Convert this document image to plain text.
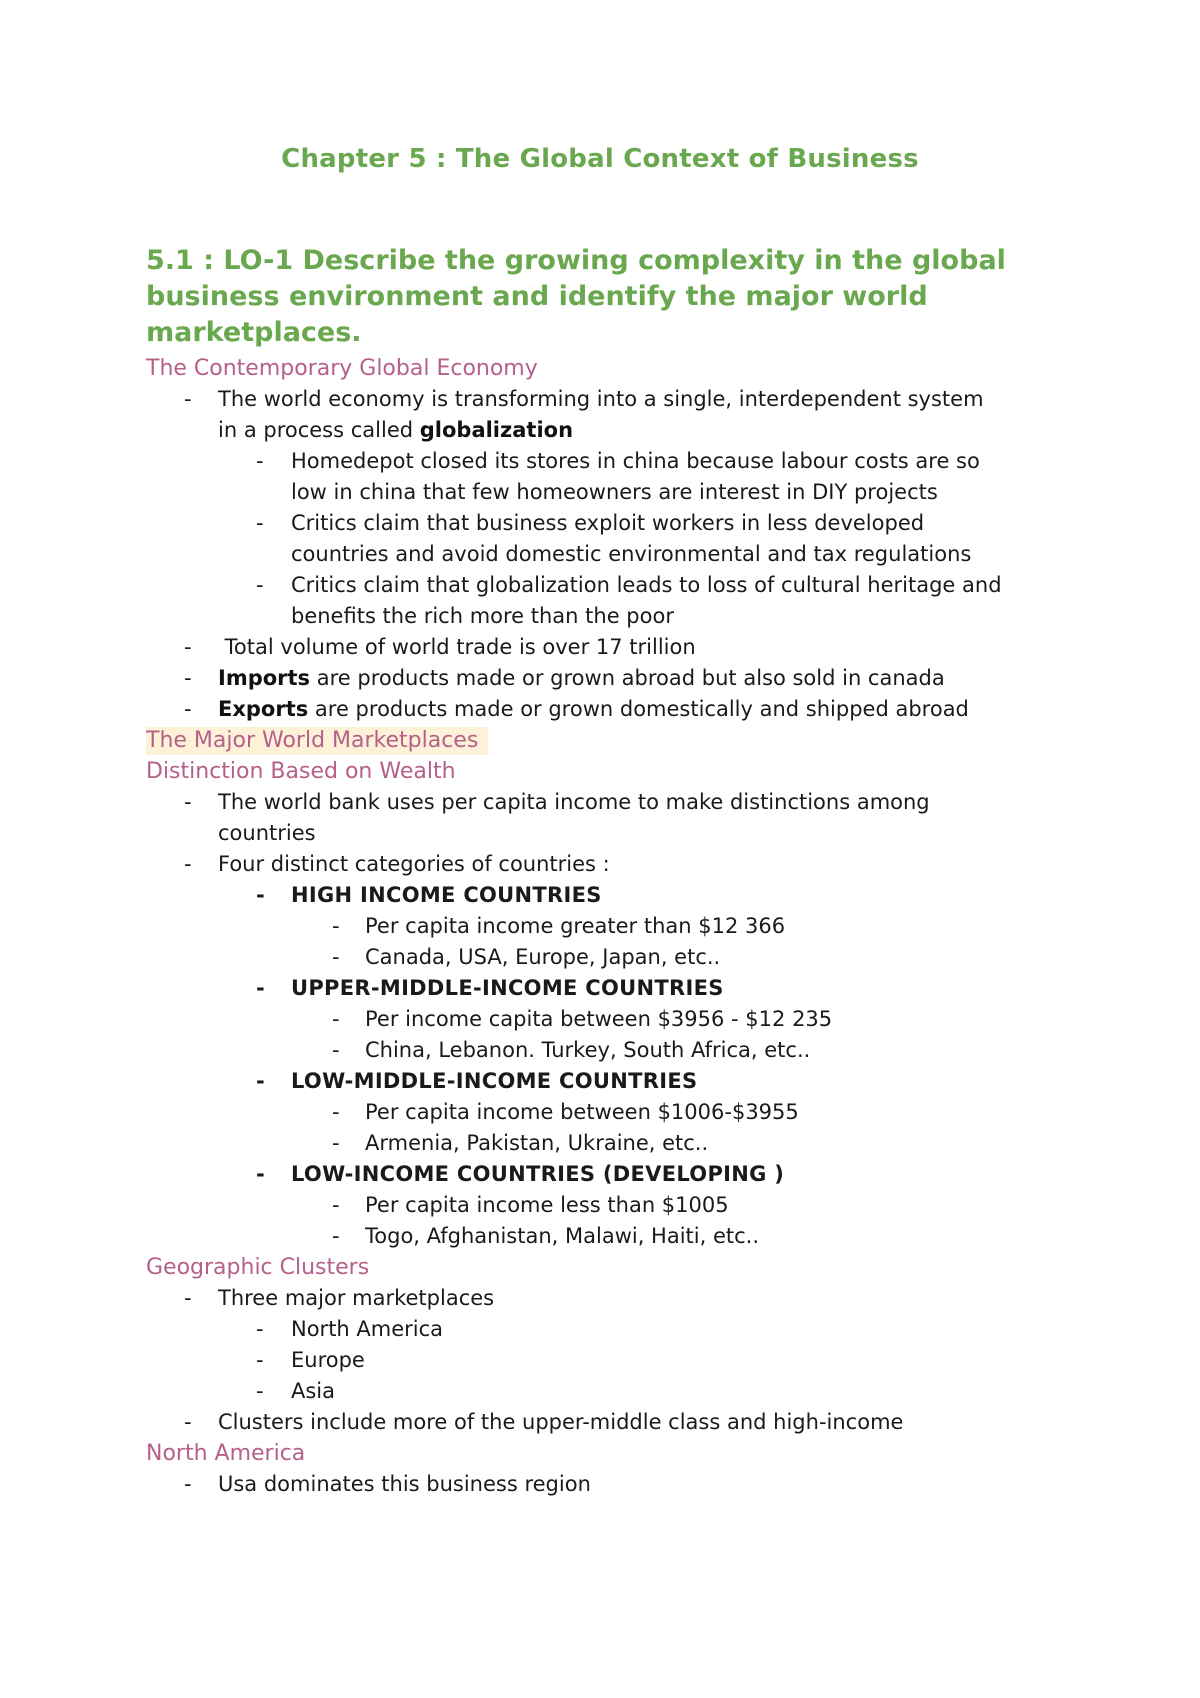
Chapter 5 : The Global Context of Business
5.1 : LO-1 Describe the growing complexity in the global
business environment and identify the major world
marketplaces.
The Contemporary Global Economy
- The world economy is transforming into a single, interdependent system
in a process called globalization
- Homedepot closed its stores in china because labour costs are so
low in china that few homeowners are interest in DIY projects
- Critics claim that business exploit workers in less developed
countries and avoid domestic environmental and tax regulations
- Critics claim that globalization leads to loss of cultural heritage and
benefits the rich more than the poor
- Total volume of world trade is over 17 trillion
- Imports are products made or grown abroad but also sold in canada
- Exports are products made or grown domestically and shipped abroad
The Major World Marketplaces
Distinction Based on Wealth
- The world bank uses per capita income to make distinctions among
countries
- Four distinct categories of countries :
- HIGH INCOME COUNTRIES
- Per capita income greater than $12 366
- Canada, USA, Europe, Japan, etc..
- UPPER-MIDDLE-INCOME COUNTRIES
- Per income capita between $3956 - $12 235
- China, Lebanon. Turkey, South Africa, etc..
- LOW-MIDDLE-INCOME COUNTRIES
- Per capita income between $1006-$3955
- Armenia, Pakistan, Ukraine, etc..
- LOW-INCOME COUNTRIES (DEVELOPING )
- Per capita income less than $1005
- Togo, Afghanistan, Malawi, Haiti, etc..
Geographic Clusters
- Three major marketplaces
- North America
- Europe
- Asia
- Clusters include more of the upper-middle class and high-income
North America
- Usa dominates this business region
